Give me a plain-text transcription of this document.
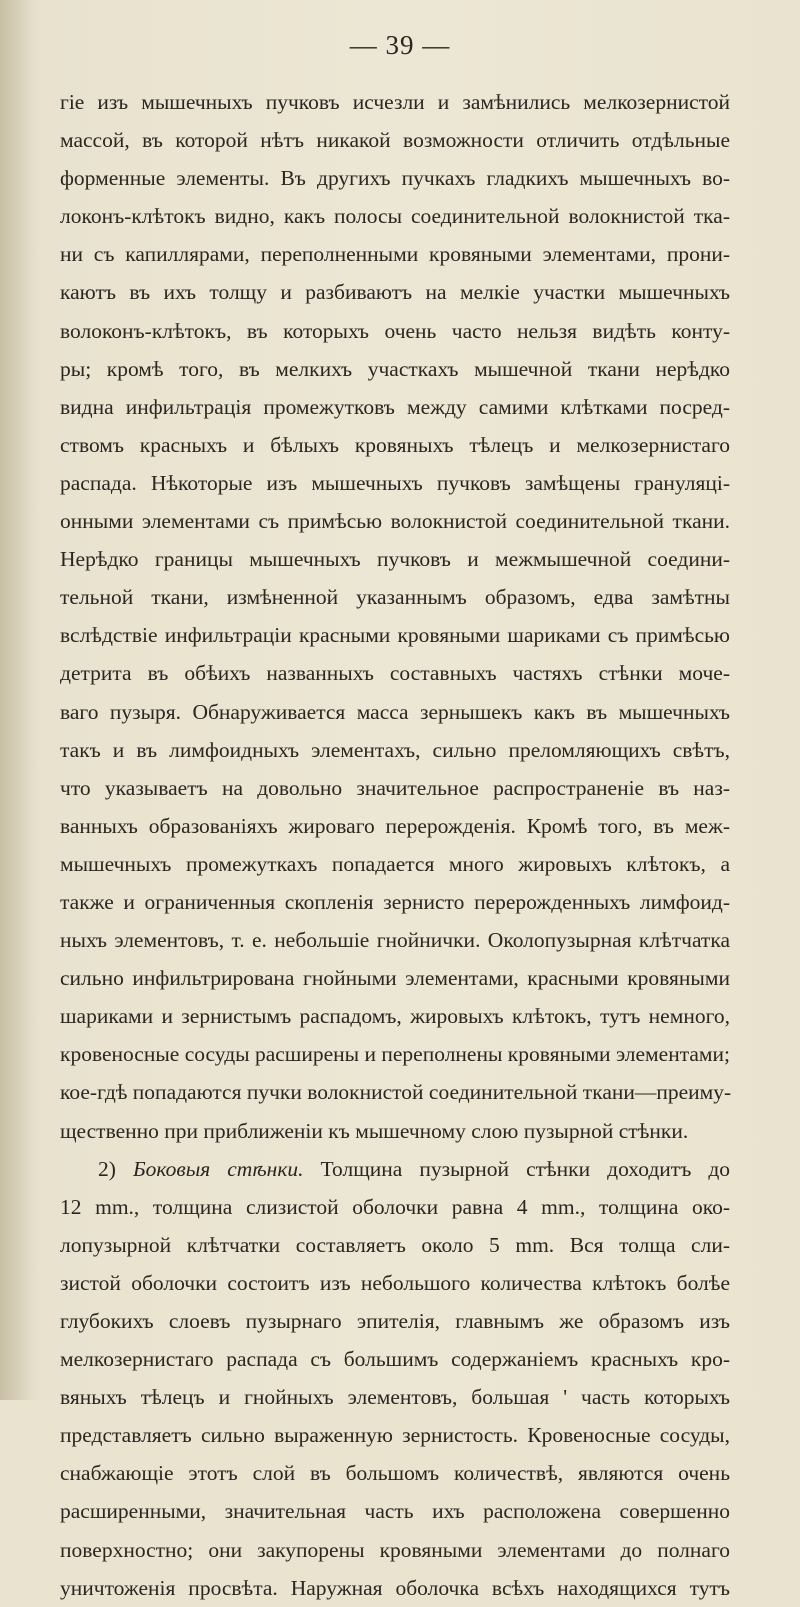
— 39 —
гіе изъ мышечныхъ пучковъ исчезли и замѣнились мелкозернистой
массой, въ которой нѣтъ никакой возможности отличить отдѣльные
форменные элементы. Въ другихъ пучкахъ гладкихъ мышечныхъ во-
локонъ-клѣтокъ видно, какъ полосы соединительной волокнистой тка-
ни съ капиллярами, переполненными кровяными элементами, прони-
каютъ въ ихъ толщу и разбиваютъ на мелкіе участки мышечныхъ
волоконъ-клѣтокъ, въ которыхъ очень часто нельзя видѣть конту-
ры; кромѣ того, въ мелкихъ участкахъ мышечной ткани нерѣдко
видна инфильтрація промежутковъ между самими клѣтками посред-
ствомъ красныхъ и бѣлыхъ кровяныхъ тѣлецъ и мелкозернистаго
распада. Нѣкоторые изъ мышечныхъ пучковъ замѣщены грануляці-
онными элементами съ примѣсью волокнистой соединительной ткани.
Нерѣдко границы мышечныхъ пучковъ и межмышечной соедини-
тельной ткани, измѣненной указаннымъ образомъ, едва замѣтны
вслѣдствіе инфильтраціи красными кровяными шариками съ примѣсью
детрита въ обѣихъ названныхъ составныхъ частяхъ стѣнки моче-
ваго пузыря. Обнаруживается масса зернышекъ какъ въ мышечныхъ
такъ и въ лимфоидныхъ элементахъ, сильно преломляющихъ свѣтъ,
что указываетъ на довольно значительное распространеніе въ наз-
ванныхъ образованіяхъ жироваго перерожденія. Кромѣ того, въ меж-
мышечныхъ промежуткахъ попадается много жировыхъ клѣтокъ, а
также и ограниченныя скопленія зернисто перерожденныхъ лимфоид-
ныхъ элементовъ, т. е. небольшіе гнойнички. Околопузырная клѣтчатка
сильно инфильтрирована гнойными элементами, красными кровяными
шариками и зернистымъ распадомъ, жировыхъ клѣтокъ, тутъ немного,
кровеносные сосуды расширены и переполнены кровяными элементами;
кое-гдѣ попадаются пучки волокнистой соединительной ткани—преиму-
щественно при приближеніи къ мышечному слою пузырной стѣнки.
2) Боковыя стѣнки. Толщина пузырной стѣнки доходитъ до
12 mm., толщина слизистой оболочки равна 4 mm., толщина око-
лопузырной клѣтчатки составляетъ около 5 mm. Вся толща сли-
зистой оболочки состоитъ изъ небольшого количества клѣтокъ болѣе
глубокихъ слоевъ пузырнаго эпителія, главнымъ же образомъ изъ
мелкозернистаго распада съ большимъ содержаніемъ красныхъ кро-
вяныхъ тѣлецъ и гнойныхъ элементовъ, большая ' часть которыхъ
представляетъ сильно выраженную зернистость. Кровеносные сосуды,
снабжающіе этотъ слой въ большомъ количествѣ, являются очень
расширенными, значительная часть ихъ расположена совершенно
поверхностно; они закупорены кровяными элементами до полнаго
уничтоженія просвѣта. Наружная оболочка всѣхъ находящихся тутъ
